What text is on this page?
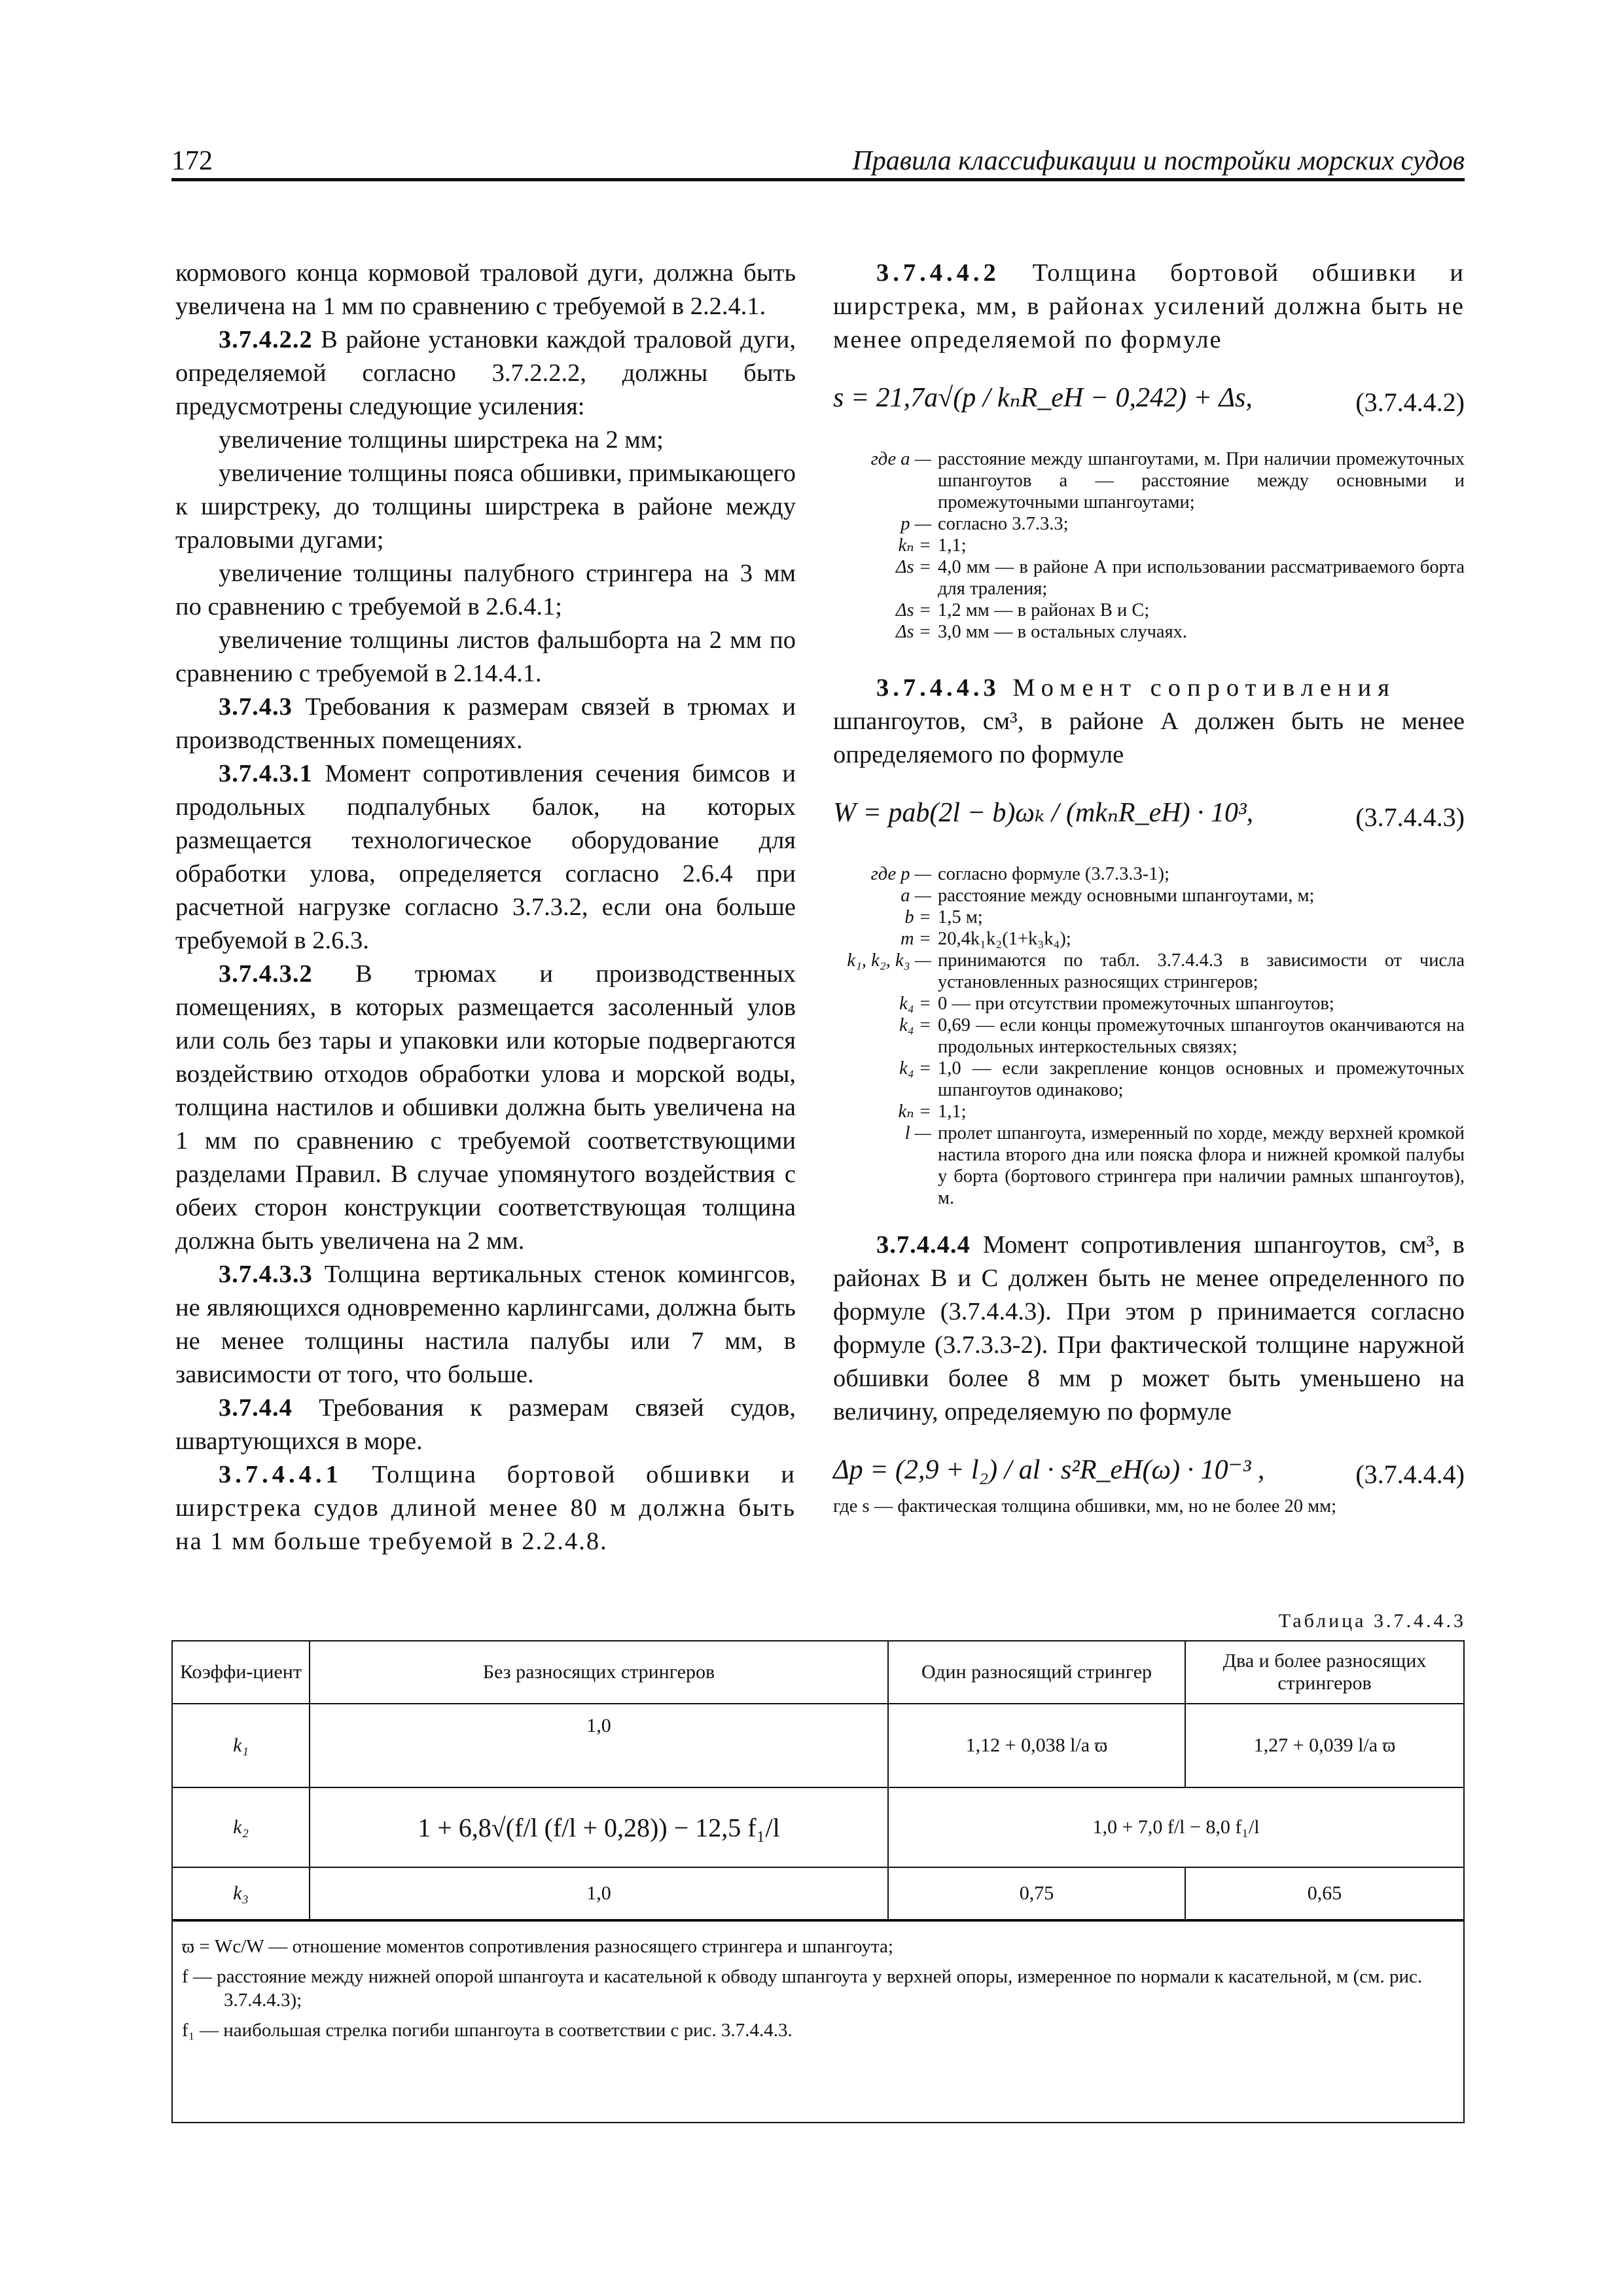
172	Правила классификации и постройки морских судов

кормового конца кормовой траловой дуги, должна быть увеличена на 1 мм по сравнению с требуемой в 2.2.4.1.

3.7.4.2.2 В районе установки каждой траловой дуги, определяемой согласно 3.7.2.2.2, должны быть предусмотрены следующие усиления:

увеличение толщины ширстрека на 2 мм;

увеличение толщины пояса обшивки, примыкающего к ширстреку, до толщины ширстрека в районе между траловыми дугами;

увеличение толщины палубного стрингера на 3 мм по сравнению с требуемой в 2.6.4.1;

увеличение толщины листов фальшборта на 2 мм по сравнению с требуемой в 2.14.4.1.

3.7.4.3 Требования к размерам связей в трюмах и производственных помещениях.

3.7.4.3.1 Момент сопротивления сечения бимсов и продольных подпалубных балок, на которых размещается технологическое оборудование для обработки улова, определяется согласно 2.6.4 при расчетной нагрузке согласно 3.7.3.2, если она больше требуемой в 2.6.3.

3.7.4.3.2 В трюмах и производственных помещениях, в которых размещается засоленный улов или соль без тары и упаковки или которые подвергаются воздействию отходов обработки улова и морской воды, толщина настилов и обшивки должна быть увеличена на 1 мм по сравнению с требуемой соответствующими разделами Правил. В случае упомянутого воздействия с обеих сторон конструкции соответствующая толщина должна быть увеличена на 2 мм.

3.7.4.3.3 Толщина вертикальных стенок комингсов, не являющихся одновременно карлингсами, должна быть не менее толщины настила палубы или 7 мм, в зависимости от того, что больше.

3.7.4.4 Требования к размерам связей судов, швартующихся в море.

3.7.4.4.1 Толщина бортовой обшивки и ширстрека судов длиной менее 80 м должна быть на 1 мм больше требуемой в 2.2.4.8.

3.7.4.4.2 Толщина бортовой обшивки и ширстрека, мм, в районах усилений должна быть не менее определяемой по формуле

s = 21,7a√(p / kₙR_eH − 0,242) + Δs,	(3.7.4.4.2)
где a — расстояние между шпангоутами, м. При наличии промежуточных шпангоутов a — расстояние между основными и промежуточными шпангоутами;
p — согласно 3.7.3.3;
kₙ = 1,1;
Δs = 4,0 мм — в районе А при использовании рассматриваемого борта для траления;
Δs = 1,2 мм — в районах В и С;
Δs = 3,0 мм — в остальных случаях.

3.7.4.4.3 Момент сопротивления
шпангоутов, см³, в районе А должен быть не менее определяемого по формуле

W = pab(2l − b)ωₖ / (mkₙR_eH) · 10³,	(3.7.4.4.3)
где p — согласно формуле (3.7.3.3-1);
a — расстояние между основными шпангоутами, м;
b = 1,5 м;
m = 20,4k₁k₂(1+k₃k₄);
k₁, k₂, k₃ — принимаются по табл. 3.7.4.4.3 в зависимости от числа установленных разносящих стрингеров;
k₄ = 0 — при отсутствии промежуточных шпангоутов;
k₄ = 0,69 — если концы промежуточных шпангоутов оканчиваются на продольных интеркостельных связях;
k₄ = 1,0 — если закрепление концов основных и промежуточных шпангоутов одинаково;
kₙ = 1,1;
l — пролет шпангоута, измеренный по хорде, между верхней кромкой настила второго дна или пояска флора и нижней кромкой палубы у борта (бортового стрингера при наличии рамных шпангоутов), м.

3.7.4.4.4 Момент сопротивления шпангоутов, см³, в районах В и С должен быть не менее определенного по формуле (3.7.4.4.3). При этом p принимается согласно формуле (3.7.3.3-2). При фактической толщине наружной обшивки более 8 мм p может быть уменьшено на величину, определяемую по формуле

Δp = (2,9 + l₂) / al · s²R_eH(ω) · 10⁻³ ,	(3.7.4.4.4)
где s — фактическая толщина обшивки, мм, но не более 20 мм;
Таблица 3.7.4.4.3
Коэффи-циент	Без разносящих стрингеров	Один разносящий стрингер	Два и более разносящих стрингеров
k₁	1,0	1,12 + 0,038 l/a ϖ	1,27 + 0,039 l/a ϖ
k₂	1 + 6,8√(f/l (f/l + 0,28)) − 12,5 f₁/l	1,0 + 7,0 f/l − 8,0 f₁/l	
k₃	1,0	0,75	0,65

ϖ = Wc/W — отношение моментов сопротивления разносящего стрингера и шпангоута;

f — расстояние между нижней опорой шпангоута и касательной к обводу шпангоута у верхней опоры, измеренное по нормали к касательной, м (см. рис. 3.7.4.4.3);

f₁ — наибольшая стрелка погиби шпангоута в соответствии с рис. 3.7.4.4.3.
